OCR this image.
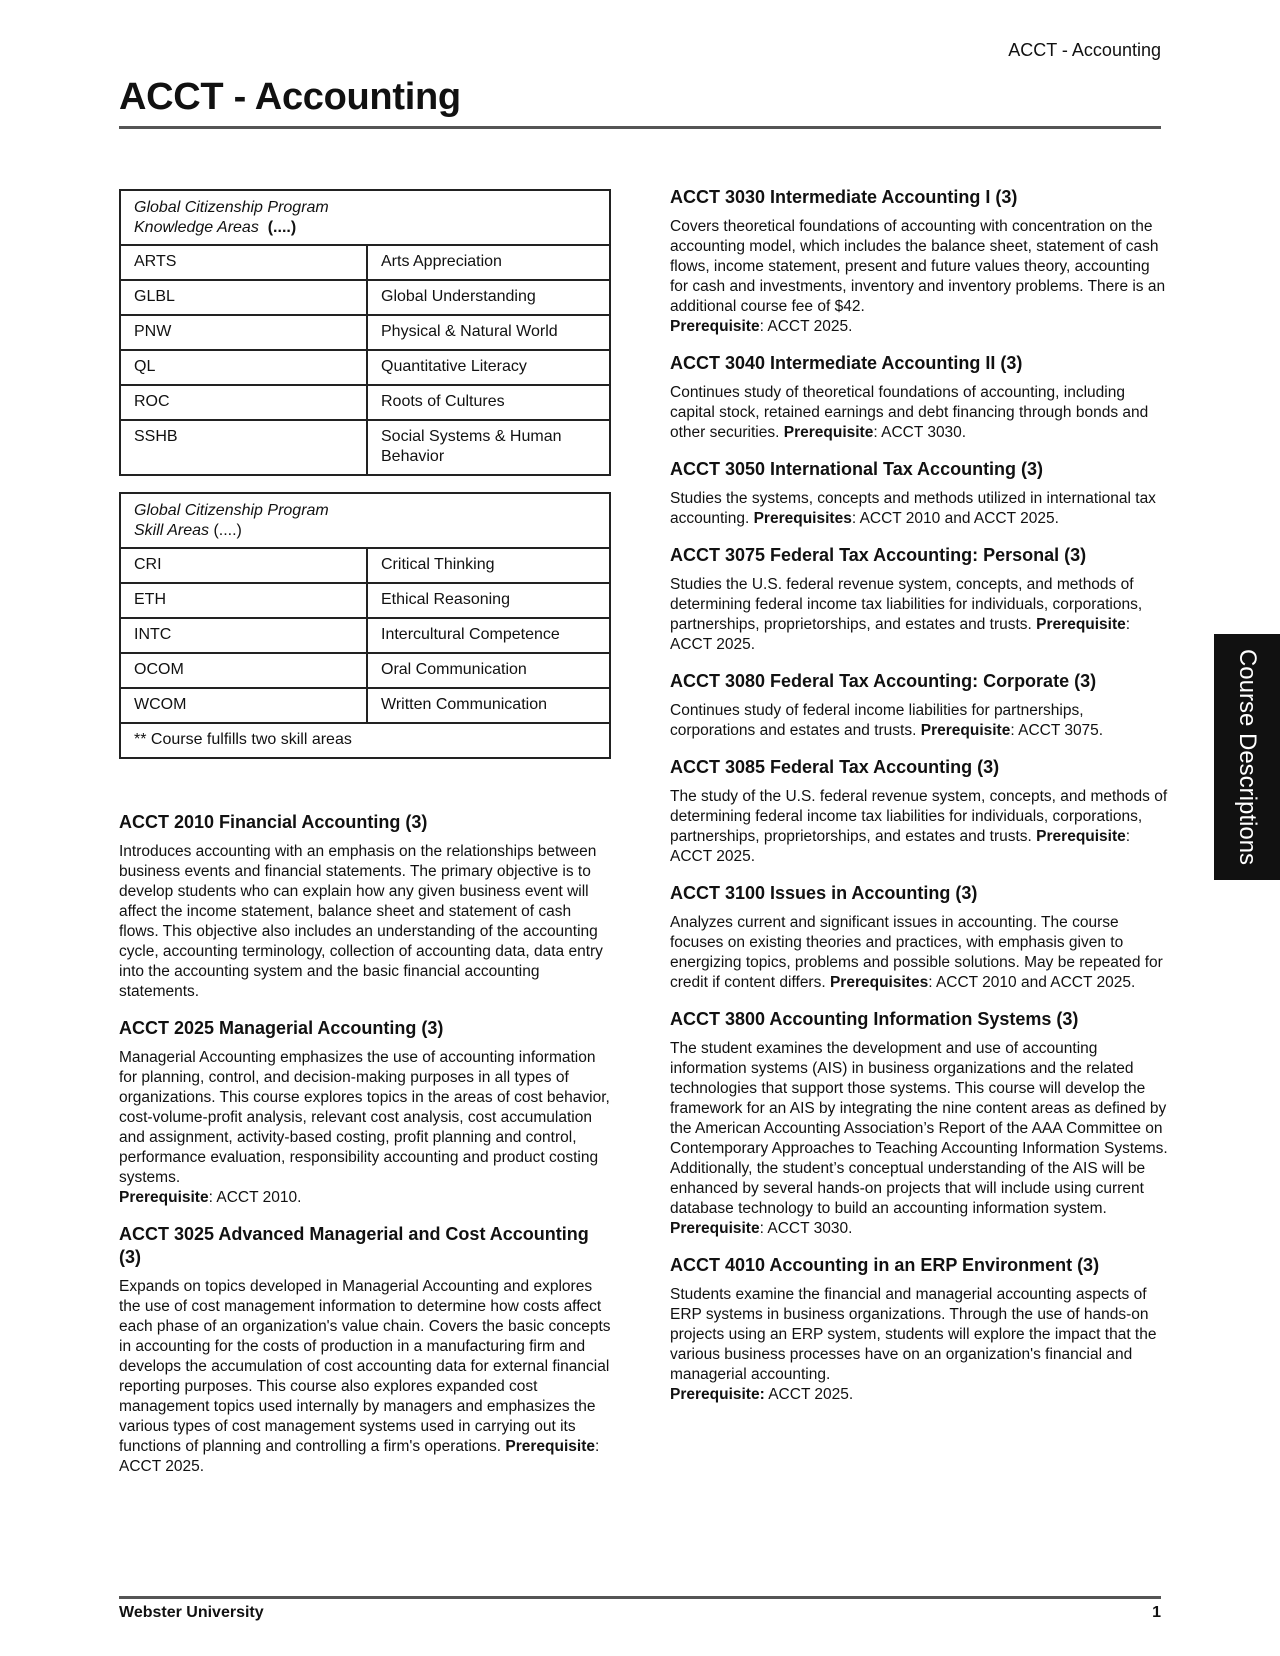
ACCT - Accounting
ACCT - Accounting
Global Citizenship Program
Knowledge Areas (....)	
ARTS	Arts Appreciation
GLBL	Global Understanding
PNW	Physical & Natural World
QL	Quantitative Literacy
ROC	Roots of Cultures
SSHB	Social Systems & Human Behavior
Global Citizenship Program
Skill Areas (....)	
CRI	Critical Thinking
ETH	Ethical Reasoning
INTC	Intercultural Competence
OCOM	Oral Communication
WCOM	Written Communication
** Course fulfills two skill areas	
ACCT 2010 Financial Accounting (3)

Introduces accounting with an emphasis on the relationships between business events and financial statements. The primary objective is to develop students who can explain how any given business event will affect the income statement, balance sheet and statement of cash flows. This objective also includes an understanding of the accounting cycle, accounting terminology, collection of accounting data, data entry into the accounting system and the basic financial accounting statements.

ACCT 2025 Managerial Accounting (3)

Managerial Accounting emphasizes the use of accounting information for planning, control, and decision-making purposes in all types of organizations. This course explores topics in the areas of cost behavior, cost-volume-profit analysis, relevant cost analysis, cost accumulation and assignment, activity-based costing, profit planning and control, performance evaluation, responsibility accounting and product costing systems.
Prerequisite: ACCT 2010.

ACCT 3025 Advanced Managerial and Cost Accounting (3)

Expands on topics developed in Managerial Accounting and explores the use of cost management information to determine how costs affect each phase of an organization's value chain. Covers the basic concepts in accounting for the costs of production in a manufacturing firm and develops the accumulation of cost accounting data for external financial reporting purposes. This course also explores expanded cost management topics used internally by managers and emphasizes the various types of cost management systems used in carrying out its functions of planning and controlling a firm's operations. Prerequisite: ACCT 2025.

ACCT 3030 Intermediate Accounting I (3)

Covers theoretical foundations of accounting with concentration on the accounting model, which includes the balance sheet, statement of cash flows, income statement, present and future values theory, accounting for cash and investments, inventory and inventory problems. There is an additional course fee of $42.
Prerequisite: ACCT 2025.

ACCT 3040 Intermediate Accounting II (3)

Continues study of theoretical foundations of accounting, including capital stock, retained earnings and debt financing through bonds and other securities. Prerequisite: ACCT 3030.

ACCT 3050 International Tax Accounting (3)

Studies the systems, concepts and methods utilized in international tax accounting. Prerequisites: ACCT 2010 and ACCT 2025.

ACCT 3075 Federal Tax Accounting: Personal (3)

Studies the U.S. federal revenue system, concepts, and methods of determining federal income tax liabilities for individuals, corporations, partnerships, proprietorships, and estates and trusts. Prerequisite: ACCT 2025.

ACCT 3080 Federal Tax Accounting: Corporate (3)

Continues study of federal income liabilities for partnerships, corporations and estates and trusts. Prerequisite: ACCT 3075.

ACCT 3085 Federal Tax Accounting (3)

The study of the U.S. federal revenue system, concepts, and methods of determining federal income tax liabilities for individuals, corporations, partnerships, proprietorships, and estates and trusts. Prerequisite: ACCT 2025.

ACCT 3100 Issues in Accounting (3)

Analyzes current and significant issues in accounting. The course focuses on existing theories and practices, with emphasis given to energizing topics, problems and possible solutions. May be repeated for credit if content differs. Prerequisites: ACCT 2010 and ACCT 2025.

ACCT 3800 Accounting Information Systems (3)

The student examines the development and use of accounting information systems (AIS) in business organizations and the related technologies that support those systems. This course will develop the framework for an AIS by integrating the nine content areas as defined by the American Accounting Association’s Report of the AAA Committee on Contemporary Approaches to Teaching Accounting Information Systems. Additionally, the student’s conceptual understanding of the AIS will be enhanced by several hands-on projects that will include using current database technology to build an accounting information system.
Prerequisite: ACCT 3030.

ACCT 4010 Accounting in an ERP Environment (3)

Students examine the financial and managerial accounting aspects of ERP systems in business organizations. Through the use of hands-on projects using an ERP system, students will explore the impact that the various business processes have on an organization's financial and managerial accounting.
Prerequisite: ACCT 2025.

Course Descriptions
Webster University	1
